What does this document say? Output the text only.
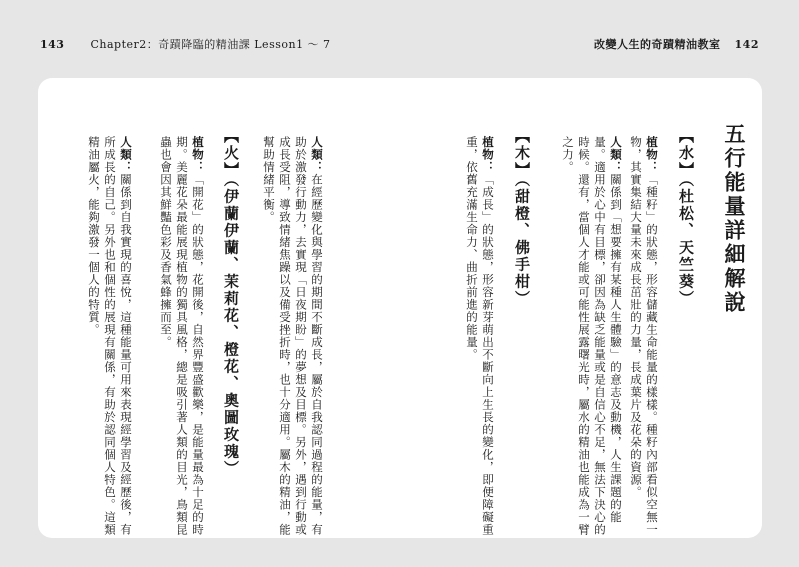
143 Chapter2：奇蹟降臨的精油課 Lesson1 ～ 7	改變人生的奇蹟精油教室 142
五行能量詳細解說
【水】（杜松、天竺葵）
植物：「種籽」的狀態，形容儲藏生命能量的樣樣。種籽內部看似空無一物，其實集結大量未來成長茁壯的力量，長成葉片及花朵的資源。
人類：關係到「想要擁有某種人生體驗」的意志及動機，人生課題的能量。適用於心中有目標，卻因為缺乏能量或是自信心不足，無法下決心的時候。還有，當個人才能或可能性展露曙光時，屬水的精油也能成為一臂之力。
【木】（甜橙、佛手柑）
植物：「成長」的狀態，形容新芽萌出不斷向上生長的變化，即便障礙重重，依舊充滿生命力、曲折前進的能量。
人類：在經歷變化與學習的期間不斷成長，屬於自我認同過程的能量，有助於激發行動力，去實現「日夜期盼」的夢想及目標。另外，遇到行動或成長受阻，導致情緒焦躁以及備受挫折時，也十分適用。屬木的精油，能幫助情緒平衡。
【火】（伊蘭伊蘭、茉莉花、橙花、奧圖玫瑰）
植物：「開花」的狀態，花開後，自然界豐盛歡樂，是能量最為十足的時期。美麗花朵最能展現植物的獨具風格，總是吸引著人類的目光，鳥類昆蟲也會因其鮮豔色彩及香氣蜂擁而至。
人類：關係到自我實現的喜悅，這種能量可用來表現經學習及經歷後，有所成長的自己。另外也和個性的展現有關係，有助於認同個人特色。這類精油屬火，能夠激發一個人的特質。
